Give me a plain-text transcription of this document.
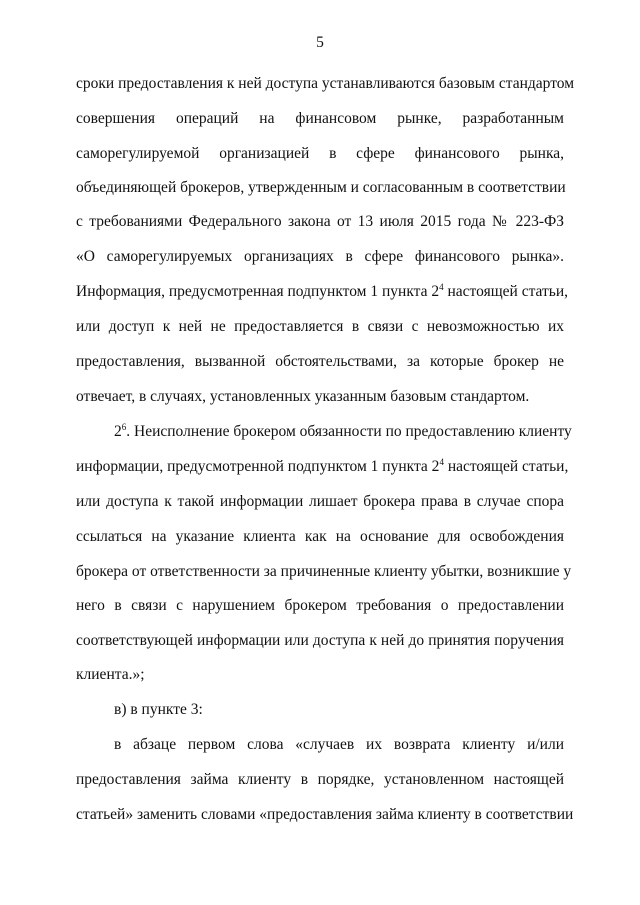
5
сроки предоставления к ней доступа устанавливаются базовым стандартом
совершения операций на финансовом рынке, разработанным
саморегулируемой организацией в сфере финансового рынка,
объединяющей брокеров, утвержденным и согласованным в соответствии
с требованиями Федерального закона от 13 июля 2015 года № 223-ФЗ
«О саморегулируемых организациях в сфере финансового рынка».
Информация, предусмотренная подпунктом 1 пункта $2^4$ настоящей статьи,
или доступ к ней не предоставляется в связи с невозможностью их
предоставления, вызванной обстоятельствами, за которые брокер не
отвечает, в случаях, установленных указанным базовым стандартом.
$2^6$. Неисполнение брокером обязанности по предоставлению клиенту
информации, предусмотренной подпунктом 1 пункта $2^4$ настоящей статьи,
или доступа к такой информации лишает брокера права в случае спора
ссылаться на указание клиента как на основание для освобождения
брокера от ответственности за причиненные клиенту убытки, возникшие у
него в связи с нарушением брокером требования о предоставлении
соответствующей информации или доступа к ней до принятия поручения
клиента.»;
в) в пункте 3:
в абзаце первом слова «случаев их возврата клиенту и/или
предоставления займа клиенту в порядке, установленном настоящей
статьей» заменить словами «предоставления займа клиенту в соответствии
